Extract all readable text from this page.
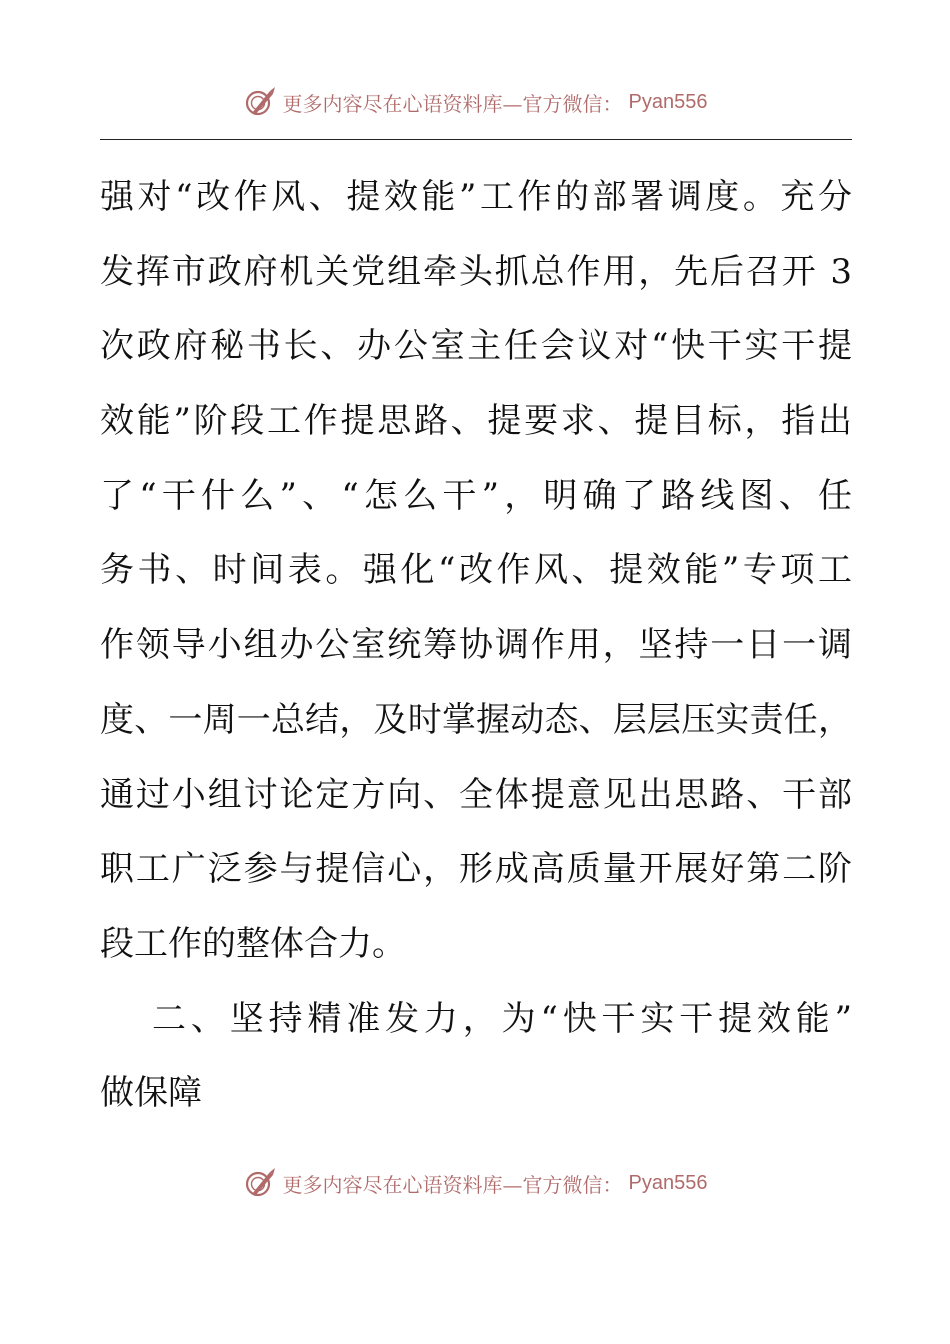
更多内容尽在心语资料库—官方微信： Pyan556
强对“改作风、提效能”工作的部署调度。充分
发挥市政府机关党组牵头抓总作用，先后召开 3
次政府秘书长、办公室主任会议对“快干实干提
效能”阶段工作提思路、提要求、提目标，指出
了“干什么”、“怎么干”，明确了路线图、任
务书、时间表。强化“改作风、提效能”专项工
作领导小组办公室统筹协调作用，坚持一日一调
度、一周一总结，及时掌握动态、层层压实责任，
通过小组讨论定方向、全体提意见出思路、干部
职工广泛参与提信心，形成高质量开展好第二阶
段工作的整体合力。
二、坚持精准发力，为“快干实干提效能”
做保障
更多内容尽在心语资料库—官方微信： Pyan556
